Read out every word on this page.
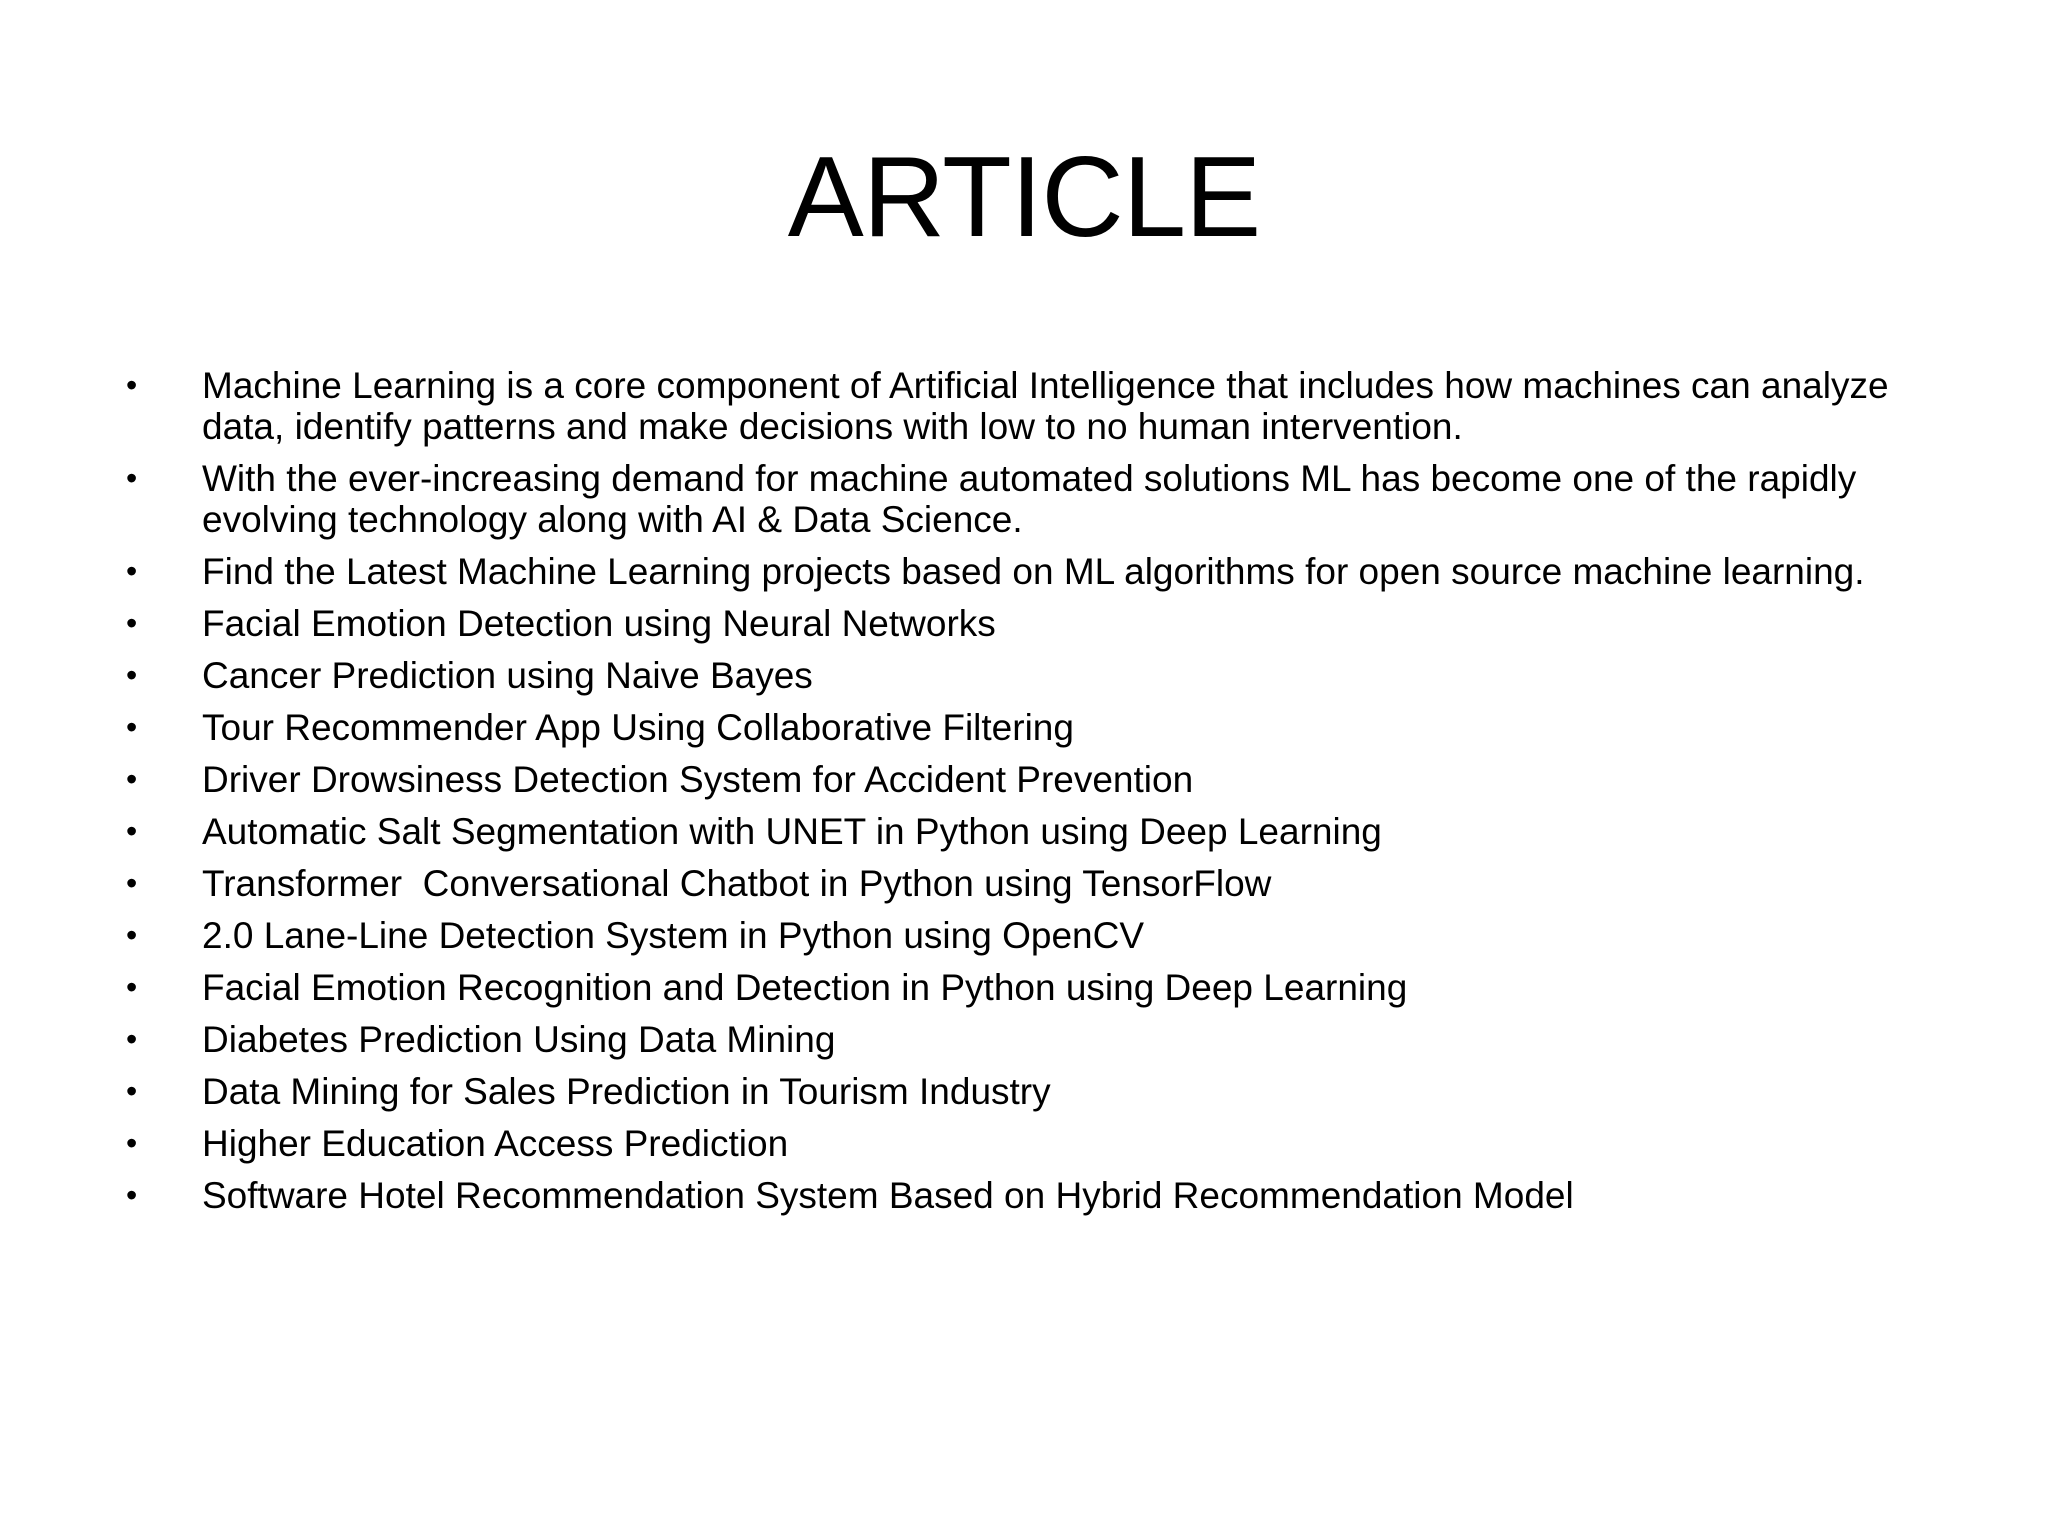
ARTICLE
•	Machine Learning is a core component of Artificial Intelligence that includes how machines can analyze data, identify patterns and make decisions with low to no human intervention.
•	With the ever-increasing demand for machine automated solutions ML has become one of the rapidly evolving technology along with AI & Data Science.
•	Find the Latest Machine Learning projects based on ML algorithms for open source machine learning.
•	Facial Emotion Detection using Neural Networks
•	Cancer Prediction using Naive Bayes
•	Tour Recommender App Using Collaborative Filtering
•	Driver Drowsiness Detection System for Accident Prevention
•	Automatic Salt Segmentation with UNET in Python using Deep Learning
•	Transformer  Conversational Chatbot in Python using TensorFlow
•	2.0 Lane-Line Detection System in Python using OpenCV
•	Facial Emotion Recognition and Detection in Python using Deep Learning
•	Diabetes Prediction Using Data Mining
•	Data Mining for Sales Prediction in Tourism Industry
•	Higher Education Access Prediction
•	Software Hotel Recommendation System Based on Hybrid Recommendation Model
